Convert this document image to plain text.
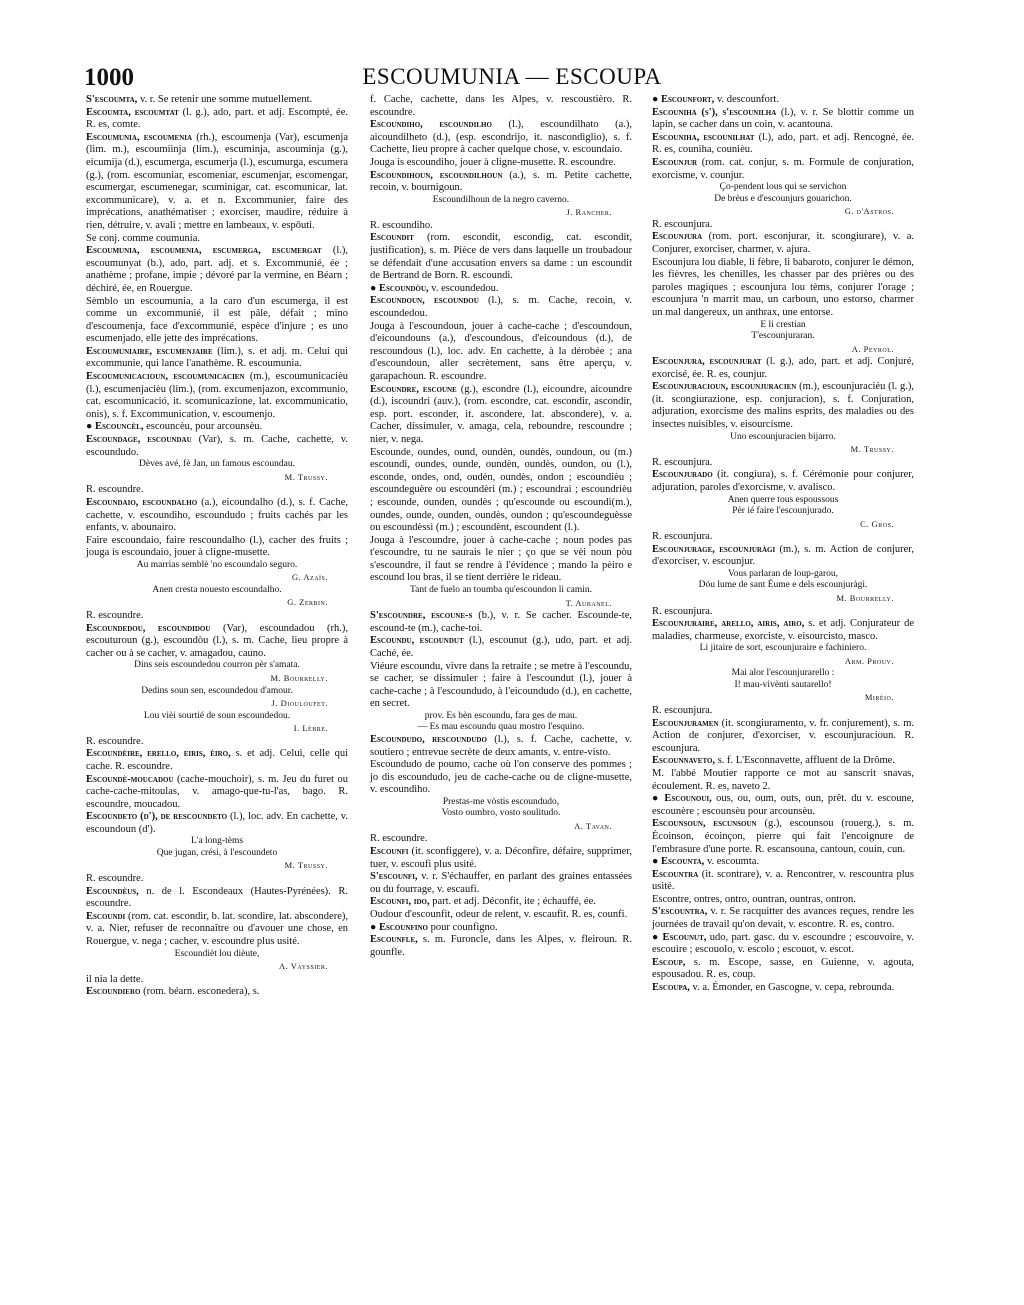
1000	ESCOUMUNIA — ESCOUPA

S'escoumta, v. r. Se retenir une somme mutuellement.

Escoumta, escoumtat (l. g.), ado, part. et adj. Escompté, ée. R. es, comte.

Escoumunia, escoumenia (rh.), escoumenja (Var), escumenja (lim. m.), escoumiinja (lim.), escuminja, ascouminja (g.), eicumija (d.), escumerga, escumerja (l.), escumurga, escumera (g.), (rom. escomuniar, escomeniar, escumenjar, escomengar, escumergar, escumenegar, scuminigar, cat. escomunicar, lat. excommunicare), v. a. et n. Excommunier, faire des imprécations, anathématiser ; exorciser, maudire, réduire à rien, détruire, v. avali ; mettre en lambeaux, v. espôuti.

Se conj. comme coumunia.

Escoumunia, escoumenia, escumerga, escumergat (l.), escoumunyat (b.), ado, part. adj. et s. Excommunié, ée ; anathème ; profane, impie ; dévoré par la vermine, en Béarn ; déchiré, ée, en Rouergue.

Sèmblo un escoumunia, a la caro d'un escumerga, il est comme un excommunié, il est pâle, défait ; mino d'escoumenja, face d'excommunié, espèce d'injure ; es uno escumenjado, elle jette des imprécations.

Escoumuniaire, escumenjaire (lim.), s. et adj. m. Celui qui excommunie, qui lance l'anathème. R. escoumunia.

Escoumunicacioun, escoumunicacien (m.), escoumunicacièu (l.), escumenjacièu (lim.), (rom. excumenjazon, excommunio, cat. escomunicació, it. scomunicazione, lat. excommunicatio, onis), s. f. Excommunication, v. escoumenjo.

● Escouncèl, escouncèu, pour arcounsèu.

Escoundage, escoundau (Var), s. m. Cache, cachette, v. escoundudo.

Dèves avé, fè Jan, un famous escoundau.

M. Trussy.

R. escoundre.

Escoundaio, escoundalho (a.), eicoundalho (d.), s. f. Cache, cachette, v. escoundiho, escoundudo ; fruits cachés par les enfants, v. abounairo.

Faire escoundaio, faire rescoundalho (l.), cacher des fruits ; jouga is escoundaio, jouer à cligne-musette.

Au marrias semblè 'no escoundalo seguro.

G. Azaïs.

Anen cresta nouesto escoundalho.

G. Zerbin.

R. escoundre.

Escoundedou, escoundidou (Var), escoundadou (rh.), escouturoun (g.), escoundòu (l.), s. m. Cache, lieu propre à cacher ou à se cacher, v. amagadou, cauno.

Dins seis escoundedou courron pèr s'amata.

M. Bourrelly.

Dedins soun sen, escoundedou d'amour.

J. Diouloufet.

Lou vièi sourtié de soun escoundedou.

I. Lèbre.

R. escoundre.

Escoundèire, erello, eiris, èiro, s. et adj. Celui, celle qui cache. R. escoundre.

Escoundè-moucadou (cache-mouchoir), s. m. Jeu du furet ou cache-cache-mitoulas, v. amago-que-tu-l'as, bago. R. escoundre, moucadou.

Escoundeto (d'), de rescoundeto (l.), loc. adv. En cachette, v. escoundoun (d').

L'a long-tèms

Que jugan, crési, à l'escoundeto

M. Trussy.

R. escoundre.

Escoundèus, n. de l. Escondeaux (Hautes-Pyrénées). R. escoundre.

Escoundi (rom. cat. escondir, b. lat. scondire, lat. abscondere), v. a. Nier, refuser de reconnaître ou d'avouer une chose, en Rouergue, v. nega ; cacher, v. escoundre plus usité.

Escoundièt lou dièute,

A. Vayssier.

il nia la dette.

Escoundiero (rom. béarn. esconedera), s.

f. Cache, cachette, dans les Alpes, v. rescoustièro. R. escoundre.

Escoundiho, escoundilho (l.), escoundilhato (a.), aicoundilheto (d.), (esp. escondrijo, it. nascondiglio), s. f. Cachette, lieu propre à cacher quelque chose, v. escoundaio.

Jouga is escoundiho, jouer à cligne-musette. R. escoundre.

Escoundihoun, escoundilhoun (a.), s. m. Petite cachette, recoin, v. bournigoun.

Escoundilhoun de la negro caverno.

J. Rancher.

R. escoundiho.

Escoundit (rom. escondit, escondig, cat. escondit, justification), s. m. Pièce de vers dans laquelle un troubadour se défendait d'une accusation envers sa dame : un escoundit de Bertrand de Born. R. escoundi.

● Escoundòu, v. escoundedou.

Escoundoun, escoundou (l.), s. m. Cache, recoin, v. escoundedou.

Jouga à l'escoundoun, jouer à cache-cache ; d'escoundoun, d'eicoundouns (a.), d'escoundous, d'eicoundous (d.), de rescoundous (l.), loc. adv. En cachette, à la dérobée ; ana d'escoundoun, aller secrètement, sans être aperçu, v. garapachoun. R. escoundre.

Escoundre, escoune (g.), escondre (l.), eicoundre, aicoundre (d.), iscoundri (auv.), (rom. escondre, cat. escondir, ascondir, esp. port. esconder, it. ascondere, lat. abscondere), v. a. Cacher, dissimuler, v. amaga, cela, reboundre, rescoundre ; nier, v. nega.

Escounde, oundes, ound, oundèn, oundès, oundoun, ou (m.) escoundi, oundes, ounde, oundèn, oundès, oundon, ou (l.), esconde, ondes, ond, oudèn, oundès, ondon ; escoundièu ; escoundeguère ou escoundèri (m.) ; escoundrai ; escoundrièu ; escounde, ounden, oundès ; qu'escounde ou escoundi(m.), oundes, ounde, ounden, oundès, oundon ; qu'escoundeguèsse ou escoundèssi (m.) ; escoundènt, escoundent (l.).

Jouga à l'escoundre, jouer à cache-cache ; noun podes pas t'escoundre, tu ne saurais le nier ; ço que se vèi noun pòu s'escoundre, il faut se rendre à l'évidence ; mando la pèiro e escound lou bras, il se tient derrière le rideau.

Tant de fuelo an toumba qu'escoundon li camin.

T. Aubanel.

S'escoundre, escoune-s (b.), v. r. Se cacher. Escounde-te, escound-te (m.), cache-toi.

Escoundu, escoundut (l.), escounut (g.), udo, part. et adj. Caché, ée.

Viéure escoundu, vivre dans la retraite ; se metre à l'escoundu, se cacher, se dissimuler ; faire à l'escoundut (l.), jouer à cache-cache ; à l'escoundudo, à l'eicoundudo (d.), en cachette, en secret.

prov. Es bèn escoundu, fara ges de mau.

— Es mau escoundu quau mostro l'esquino.

Escoundudo, rescoundudo (l.), s. f. Cache, cachette, v. soutiero ; entrevue secrète de deux amants, v. entre-visto.

Escoundudo de poumo, cache où l'on conserve des pommes ; jo dis escoundudo, jeu de cache-cache ou de cligne-musette, v. escoundiho.

Prestas-me vòstis escoundudo,

Vosto oumbro, vosto soulitudo.

A. Tavan.

R. escoundre.

Escounfi (it. sconfiggere), v. a. Déconfire, défaire, supprimer, tuer, v. escoufi plus usité.

S'escounfi, v. r. S'échauffer, en parlant des graines entassées ou du fourrage, v. escaufi.

Escounfi, ido, part. et adj. Déconfit, ite ; échauffé, ée.

Oudour d'escounfit, odeur de relent, v. escaufit. R. es, counfi.

● Escounfino pour counfigno.

Escounfle, s. m. Furoncle, dans les Alpes, v. fleiroun. R. gounfle.

● Escounfort, v. descounfort.

Escouniha (s'), s'escounilha (l.), v. r. Se blottir comme un lapin, se cacher dans un coin, v. acantouna.

Escouniha, escounilhat (l.), ado, part. et adj. Rencogné, ée. R. es, couniha, counièu.

Escounjur (rom. cat. conjur, s. m. Formule de conjuration, exorcisme, v. counjur.

Ço-pendent lous qui se servichon

De brèus e d'escounjurs gouarichon.

G. d'Astros.

R. escounjura.

Escounjura (rom. port. esconjurar, it. scongiurare), v. a. Conjurer, exorciser, charmer, v. ajura.

Escounjura lou diable, li fèbre, li babaroto, conjurer le démon, les fièvres, les chenilles, les chasser par des prières ou des paroles magiques ; escounjura lou tèms, conjurer l'orage ; escounjura 'n marrit mau, un carboun, uno estorso, charmer un mal dangereux, un anthrax, une entorse.

E li crestian

T'escounjuraran.

A. Peyrol.

Escounjura, escounjurat (l. g.), ado, part. et adj. Conjuré, exorcisé, ée. R. es, counjur.

Escounjuracioun, escounjuracien (m.), escounjuraciéu (l. g.), (it. scongiurazione, esp. conjuracion), s. f. Conjuration, adjuration, exorcisme des malins esprits, des maladies ou des insectes nuisibles, v. eisourcisme.

Uno escounjuracien bijarro.

M. Trussy.

R. escounjura.

Escounjurado (it. congiura), s. f. Cérémonie pour conjurer, adjuration, paroles d'exorcisme, v. avalisco.

Anen querre tous espoussous

Pèr ié faire l'escounjurado.

C. Gros.

R. escounjura.

Escounjurage, escounjuràgi (m.), s. m. Action de conjurer, d'exorciser, v. escounjur.

Vous parlaran de loup-garou,

Dóu lume de sant Éume e dels escounjuràgi.

M. Bourrelly.

R. escounjura.

Escounjuraire, arello, airis, airo, s. et adj. Conjurateur de maladies, charmeuse, exorciste, v. eisourcisto, masco.

Li jitaire de sort, escounjuraire e fachiniero.

Arm. Prouv.

Mai alor l'escounjurarello :

I! mau-vivènti sautarello!

Mirèio.

R. escounjura.

Escounjuramen (it. scongiuramento, v. fr. conjurement), s. m. Action de conjurer, d'exorciser, v. escounjuracioun. R. escounjura.

Escounnaveto, s. f. L'Esconnavette, affluent de la Drôme.

M. l'abbé Moutier rapporte ce mot au sanscrit snavas, écoulement. R. es, naveto 2.

● Escounoui, ous, ou, oum, outs, oun, prêt. du v. escoune, escounère ; escounsèu pour arcounsèu.

Escounsoun, escunsoun (g.), escounsou (rouerg.), s. m. Écoinson, écoinçon, pierre qui fait l'encoignure de l'embrasure d'une porte. R. escansouna, cantoun, couin, cun.

● Escounta, v. escoumta.

Escountra (it. scontrare), v. a. Rencontrer, v. rescountra plus usité.

Escontre, ontres, ontro, ountran, ountras, ontron.

S'escountra, v. r. Se racquitter des avances reçues, rendre les journées de travail qu'on devait, v. escontre. R. es, contro.

● Escounut, udo, part. gasc. du v. escoundre ; escouvoire, v. escouire ; escouolo, v. escolo ; escouot, v. escot.

Escoup, s. m. Escope, sasse, en Guienne, v. agouta, espousadou. R. es, coup.

Escoupa, v. a. Émonder, en Gascogne, v. cepa, rebrounda.
